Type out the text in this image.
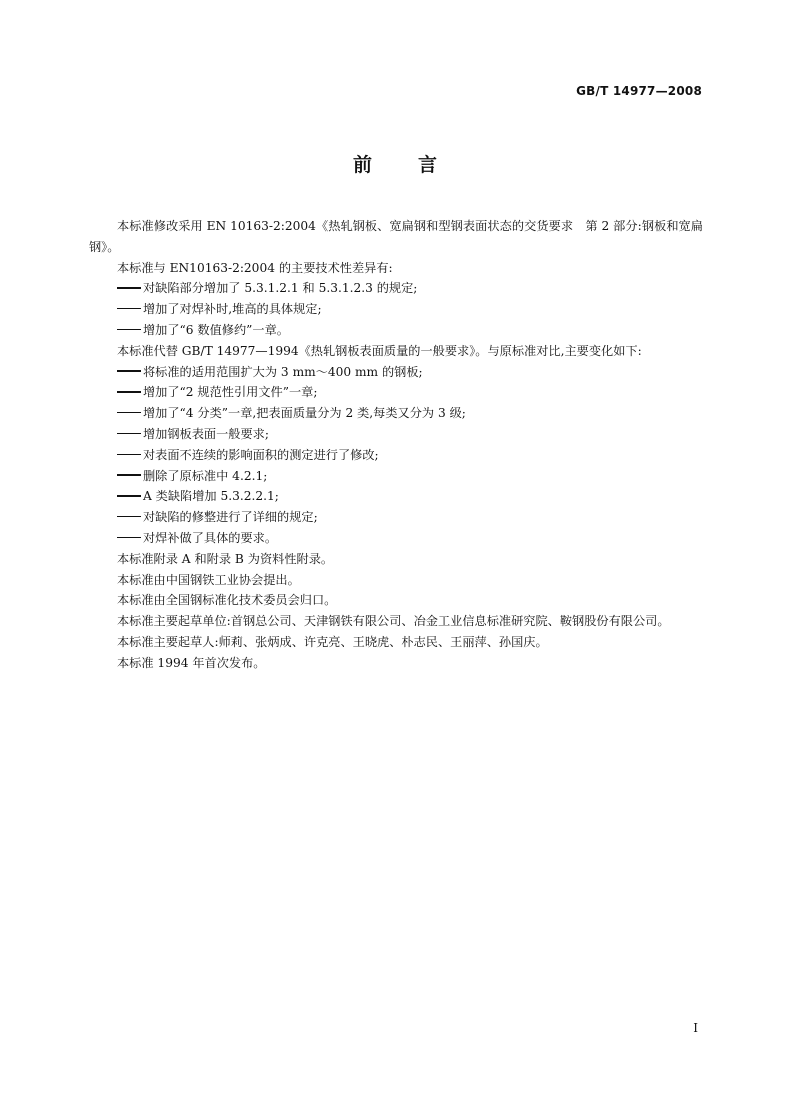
GB/T 14977—2008
前 言

本标准修改采用 EN 10163-2:2004《热轧钢板、宽扁钢和型钢表面状态的交货要求　第 2 部分:钢板和宽扁钢》。

本标准与 EN10163-2:2004 的主要技术性差异有:

对缺陷部分增加了 5.3.1.2.1 和 5.3.1.2.3 的规定;

增加了对焊补时,堆高的具体规定;

增加了“6 数值修约”一章。

本标准代替 GB/T 14977—1994《热轧钢板表面质量的一般要求》。与原标准对比,主要变化如下:

将标准的适用范围扩大为 3 mm～400 mm 的钢板;

增加了“2 规范性引用文件”一章;

增加了“4 分类”一章,把表面质量分为 2 类,每类又分为 3 级;

增加钢板表面一般要求;

对表面不连续的影响面积的测定进行了修改;

删除了原标准中 4.2.1;

A 类缺陷增加 5.3.2.2.1;

对缺陷的修整进行了详细的规定;

对焊补做了具体的要求。

本标准附录 A 和附录 B 为资料性附录。

本标准由中国钢铁工业协会提出。

本标准由全国钢标准化技术委员会归口。

本标准主要起草单位:首钢总公司、天津钢铁有限公司、冶金工业信息标准研究院、鞍钢股份有限公司。

本标准主要起草人:师莉、张炳成、许克亮、王晓虎、朴志民、王丽萍、孙国庆。

本标准 1994 年首次发布。

I
